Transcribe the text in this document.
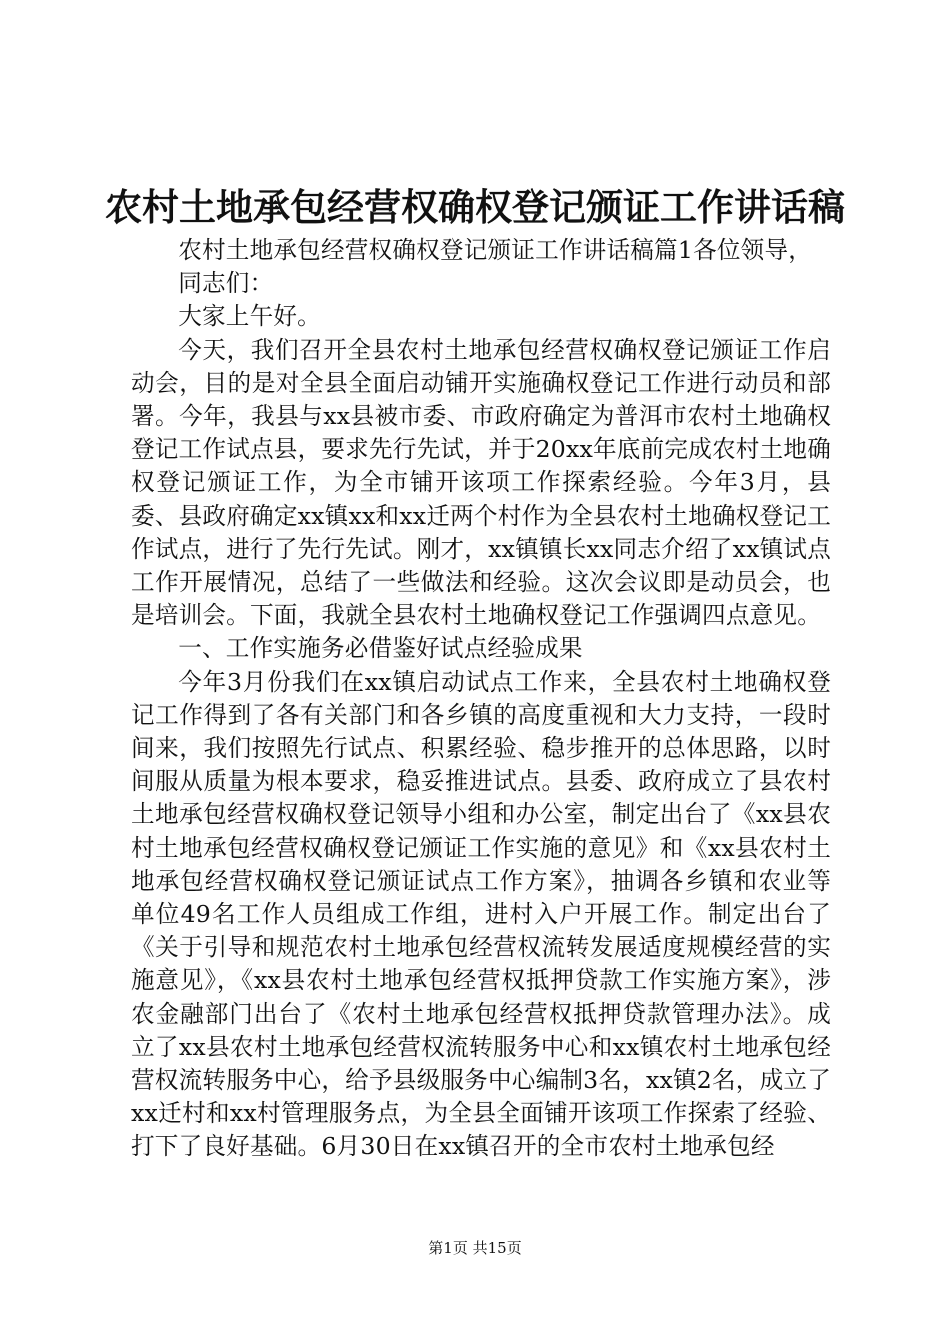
农村土地承包经营权确权登记颁证工作讲话稿

农村土地承包经营权确权登记颁证工作讲话稿篇1各位领导，

同志们：

大家上午好。

今天，我们召开全县农村土地承包经营权确权登记颁证工作启动会，目的是对全县全面启动铺开实施确权登记工作进行动员和部署。今年，我县与xx县被市委、市政府确定为普洱市农村土地确权登记工作试点县，要求先行先试，并于20xx年底前完成农村土地确权登记颁证工作，为全市铺开该项工作探索经验。今年3月，县委、县政府确定xx镇xx和xx迁两个村作为全县农村土地确权登记工作试点，进行了先行先试。刚才，xx镇镇长xx同志介绍了xx镇试点工作开展情况，总结了一些做法和经验。这次会议即是动员会，也是培训会。下面，我就全县农村土地确权登记工作强调四点意见。

一、工作实施务必借鉴好试点经验成果

今年3月份我们在xx镇启动试点工作来，全县农村土地确权登记工作得到了各有关部门和各乡镇的高度重视和大力支持，一段时间来，我们按照先行试点、积累经验、稳步推开的总体思路，以时间服从质量为根本要求，稳妥推进试点。县委、政府成立了县农村土地承包经营权确权登记领导小组和办公室，制定出台了《xx县农村土地承包经营权确权登记颁证工作实施的意见》和《xx县农村土地承包经营权确权登记颁证试点工作方案》，抽调各乡镇和农业等单位49名工作人员组成工作组，进村入户开展工作。制定出台了《关于引导和规范农村土地承包经营权流转发展适度规模经营的实施意见》，《xx县农村土地承包经营权抵押贷款工作实施方案》，涉农金融部门出台了《农村土地承包经营权抵押贷款管理办法》。成立了xx县农村土地承包经营权流转服务中心和xx镇农村土地承包经营权流转服务中心，给予县级服务中心编制3名，xx镇2名，成立了xx迁村和xx村管理服务点，为全县全面铺开该项工作探索了经验、打下了良好基础。6月30日在xx镇召开的全市农村土地承包经

第1页 共15页
